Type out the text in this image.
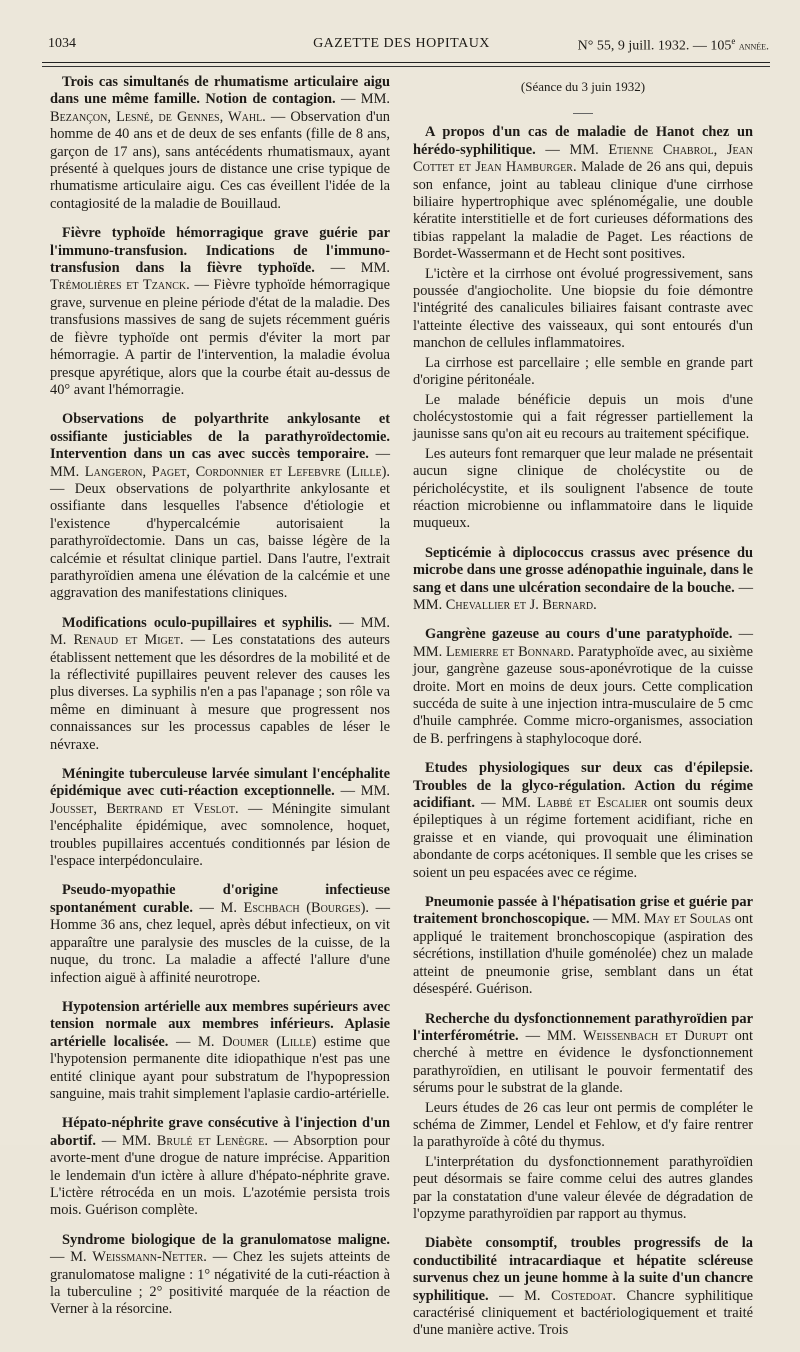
1034	GAZETTE DES HOPITAUX	N° 55, 9 juill. 1932. — 105e année.

Trois cas simultanés de rhumatisme articulaire aigu dans une même famille. Notion de contagion. — MM. Bezançon, Lesné, de Gennes, Wahl. — Observation d'un homme de 40 ans et de deux de ses enfants (fille de 8 ans, garçon de 17 ans), sans antécédents rhumatismaux, ayant présenté à quelques jours de distance une crise typique de rhumatisme articulaire aigu. Ces cas éveillent l'idée de la contagiosité de la maladie de Bouillaud.

Fièvre typhoïde hémorragique grave guérie par l'immuno-transfusion. Indications de l'immuno-transfusion dans la fièvre typhoïde. — MM. Trémolières et Tzanck. — Fièvre typhoïde hémorragique grave, survenue en pleine période d'état de la maladie. Des transfusions massives de sang de sujets récemment guéris de fièvre typhoïde ont permis d'éviter la mort par hémorragie. A partir de l'intervention, la maladie évolua presque apyrétique, alors que la courbe était au-dessus de 40° avant l'hémorragie.

Observations de polyarthrite ankylosante et ossifiante justiciables de la parathyroïdectomie. Intervention dans un cas avec succès temporaire. — MM. Langeron, Paget, Cordonnier et Lefebvre (Lille). — Deux observations de polyarthrite ankylosante et ossifiante dans lesquelles l'absence d'étiologie et l'existence d'hypercalcémie autorisaient la parathyroïdectomie. Dans un cas, baisse légère de la calcémie et résultat clinique partiel. Dans l'autre, l'extrait parathyroïdien amena une élévation de la calcémie et une aggravation des manifestations cliniques.

Modifications oculo-pupillaires et syphilis. — MM. M. Renaud et Miget. — Les constatations des auteurs établissent nettement que les désordres de la mobilité et de la réflectivité pupillaires peuvent relever des causes les plus diverses. La syphilis n'en a pas l'apanage ; son rôle va même en diminuant à mesure que progressent nos connaissances sur les processus capables de léser le névraxe.

Méningite tuberculeuse larvée simulant l'encéphalite épidémique avec cuti-réaction exceptionnelle. — MM. Jousset, Bertrand et Veslot. — Méningite simulant l'encéphalite épidémique, avec somnolence, hoquet, troubles pupillaires accentués conditionnés par lésion de l'espace interpédonculaire.

Pseudo-myopathie d'origine infectieuse spontanément curable. — M. Eschbach (Bourges). — Homme 36 ans, chez lequel, après début infectieux, on vit apparaître une paralysie des muscles de la cuisse, de la nuque, du tronc. La maladie a affecté l'allure d'une infection aiguë à affinité neurotrope.

Hypotension artérielle aux membres supérieurs avec tension normale aux membres inférieurs. Aplasie artérielle localisée. — M. Doumer (Lille) estime que l'hypotension permanente dite idiopathique n'est pas une entité clinique ayant pour substratum de l'hypopression sanguine, mais trahit simplement l'aplasie cardio-artérielle.

Hépato-néphrite grave consécutive à l'injection d'un abortif. — MM. Brulé et Lenègre. — Absorption pour avorte-ment d'une drogue de nature imprécise. Apparition le lendemain d'un ictère à allure d'hépato-néphrite grave. L'ictère rétrocéda en un mois. L'azotémie persista trois mois. Guérison complète.

Syndrome biologique de la granulomatose maligne. — M. Weissmann-Netter. — Chez les sujets atteints de granulomatose maligne : 1° négativité de la cuti-réaction à la tuberculine ; 2° positivité marquée de la réaction de Verner à la résorcine.

(Séance du 3 juin 1932)

A propos d'un cas de maladie de Hanot chez un hérédo-syphilitique. — MM. Etienne Chabrol, Jean Cottet et Jean Hamburger. Malade de 26 ans qui, depuis son enfance, joint au tableau clinique d'une cirrhose biliaire hypertrophique avec splénomégalie, une double kératite interstitielle et de fort curieuses déformations des tibias rappelant la maladie de Paget. Les réactions de Bordet-Wassermann et de Hecht sont positives.

L'ictère et la cirrhose ont évolué progressivement, sans poussée d'angiocholite. Une biopsie du foie démontre l'intégrité des canalicules biliaires faisant contraste avec l'atteinte élective des vaisseaux, qui sont entourés d'un manchon de cellules inflammatoires.

La cirrhose est parcellaire ; elle semble en grande part d'origine péritonéale.

Le malade bénéficie depuis un mois d'une cholécystostomie qui a fait régresser partiellement la jaunisse sans qu'on ait eu recours au traitement spécifique.

Les auteurs font remarquer que leur malade ne présentait aucun signe clinique de cholécystite ou de péricholécystite, et ils soulignent l'absence de toute réaction microbienne ou inflammatoire dans le liquide muqueux.

Septicémie à diplococcus crassus avec présence du microbe dans une grosse adénopathie inguinale, dans le sang et dans une ulcération secondaire de la bouche. — MM. Chevallier et J. Bernard.

Gangrène gazeuse au cours d'une paratyphoïde. — MM. Lemierre et Bonnard. Paratyphoïde avec, au sixième jour, gangrène gazeuse sous-aponévrotique de la cuisse droite. Mort en moins de deux jours. Cette complication succéda de suite à une injection intra-musculaire de 5 cmc d'huile camphrée. Comme micro-organismes, association de B. perfringens à staphylocoque doré.

Etudes physiologiques sur deux cas d'épilepsie. Troubles de la glyco-régulation. Action du régime acidifiant. — MM. Labbé et Escalier ont soumis deux épileptiques à un régime fortement acidifiant, riche en graisse et en viande, qui provoquait une élimination abondante de corps acétoniques. Il semble que les crises se soient un peu espacées avec ce régime.

Pneumonie passée à l'hépatisation grise et guérie par traitement bronchoscopique. — MM. May et Soulas ont appliqué le traitement bronchoscopique (aspiration des sécrétions, instillation d'huile goménolée) chez un malade atteint de pneumonie grise, semblant dans un état désespéré. Guérison.

Recherche du dysfonctionnement parathyroïdien par l'interférométrie. — MM. Weissenbach et Durupt ont cherché à mettre en évidence le dysfonctionnement parathyroïdien, en utilisant le pouvoir fermentatif des sérums pour le substrat de la glande.

Leurs études de 26 cas leur ont permis de compléter le schéma de Zimmer, Lendel et Fehlow, et d'y faire rentrer la parathyroïde à côté du thymus.

L'interprétation du dysfonctionnement parathyroïdien peut désormais se faire comme celui des autres glandes par la constatation d'une valeur élevée de dégradation de l'opzyme parathyroïdien par rapport au thymus.

Diabète consomptif, troubles progressifs de la conductibilité intracardiaque et hépatite scléreuse survenus chez un jeune homme à la suite d'un chancre syphilitique. — M. Costedoat. Chancre syphilitique caractérisé cliniquement et bactériologiquement et traité d'une manière active. Trois
